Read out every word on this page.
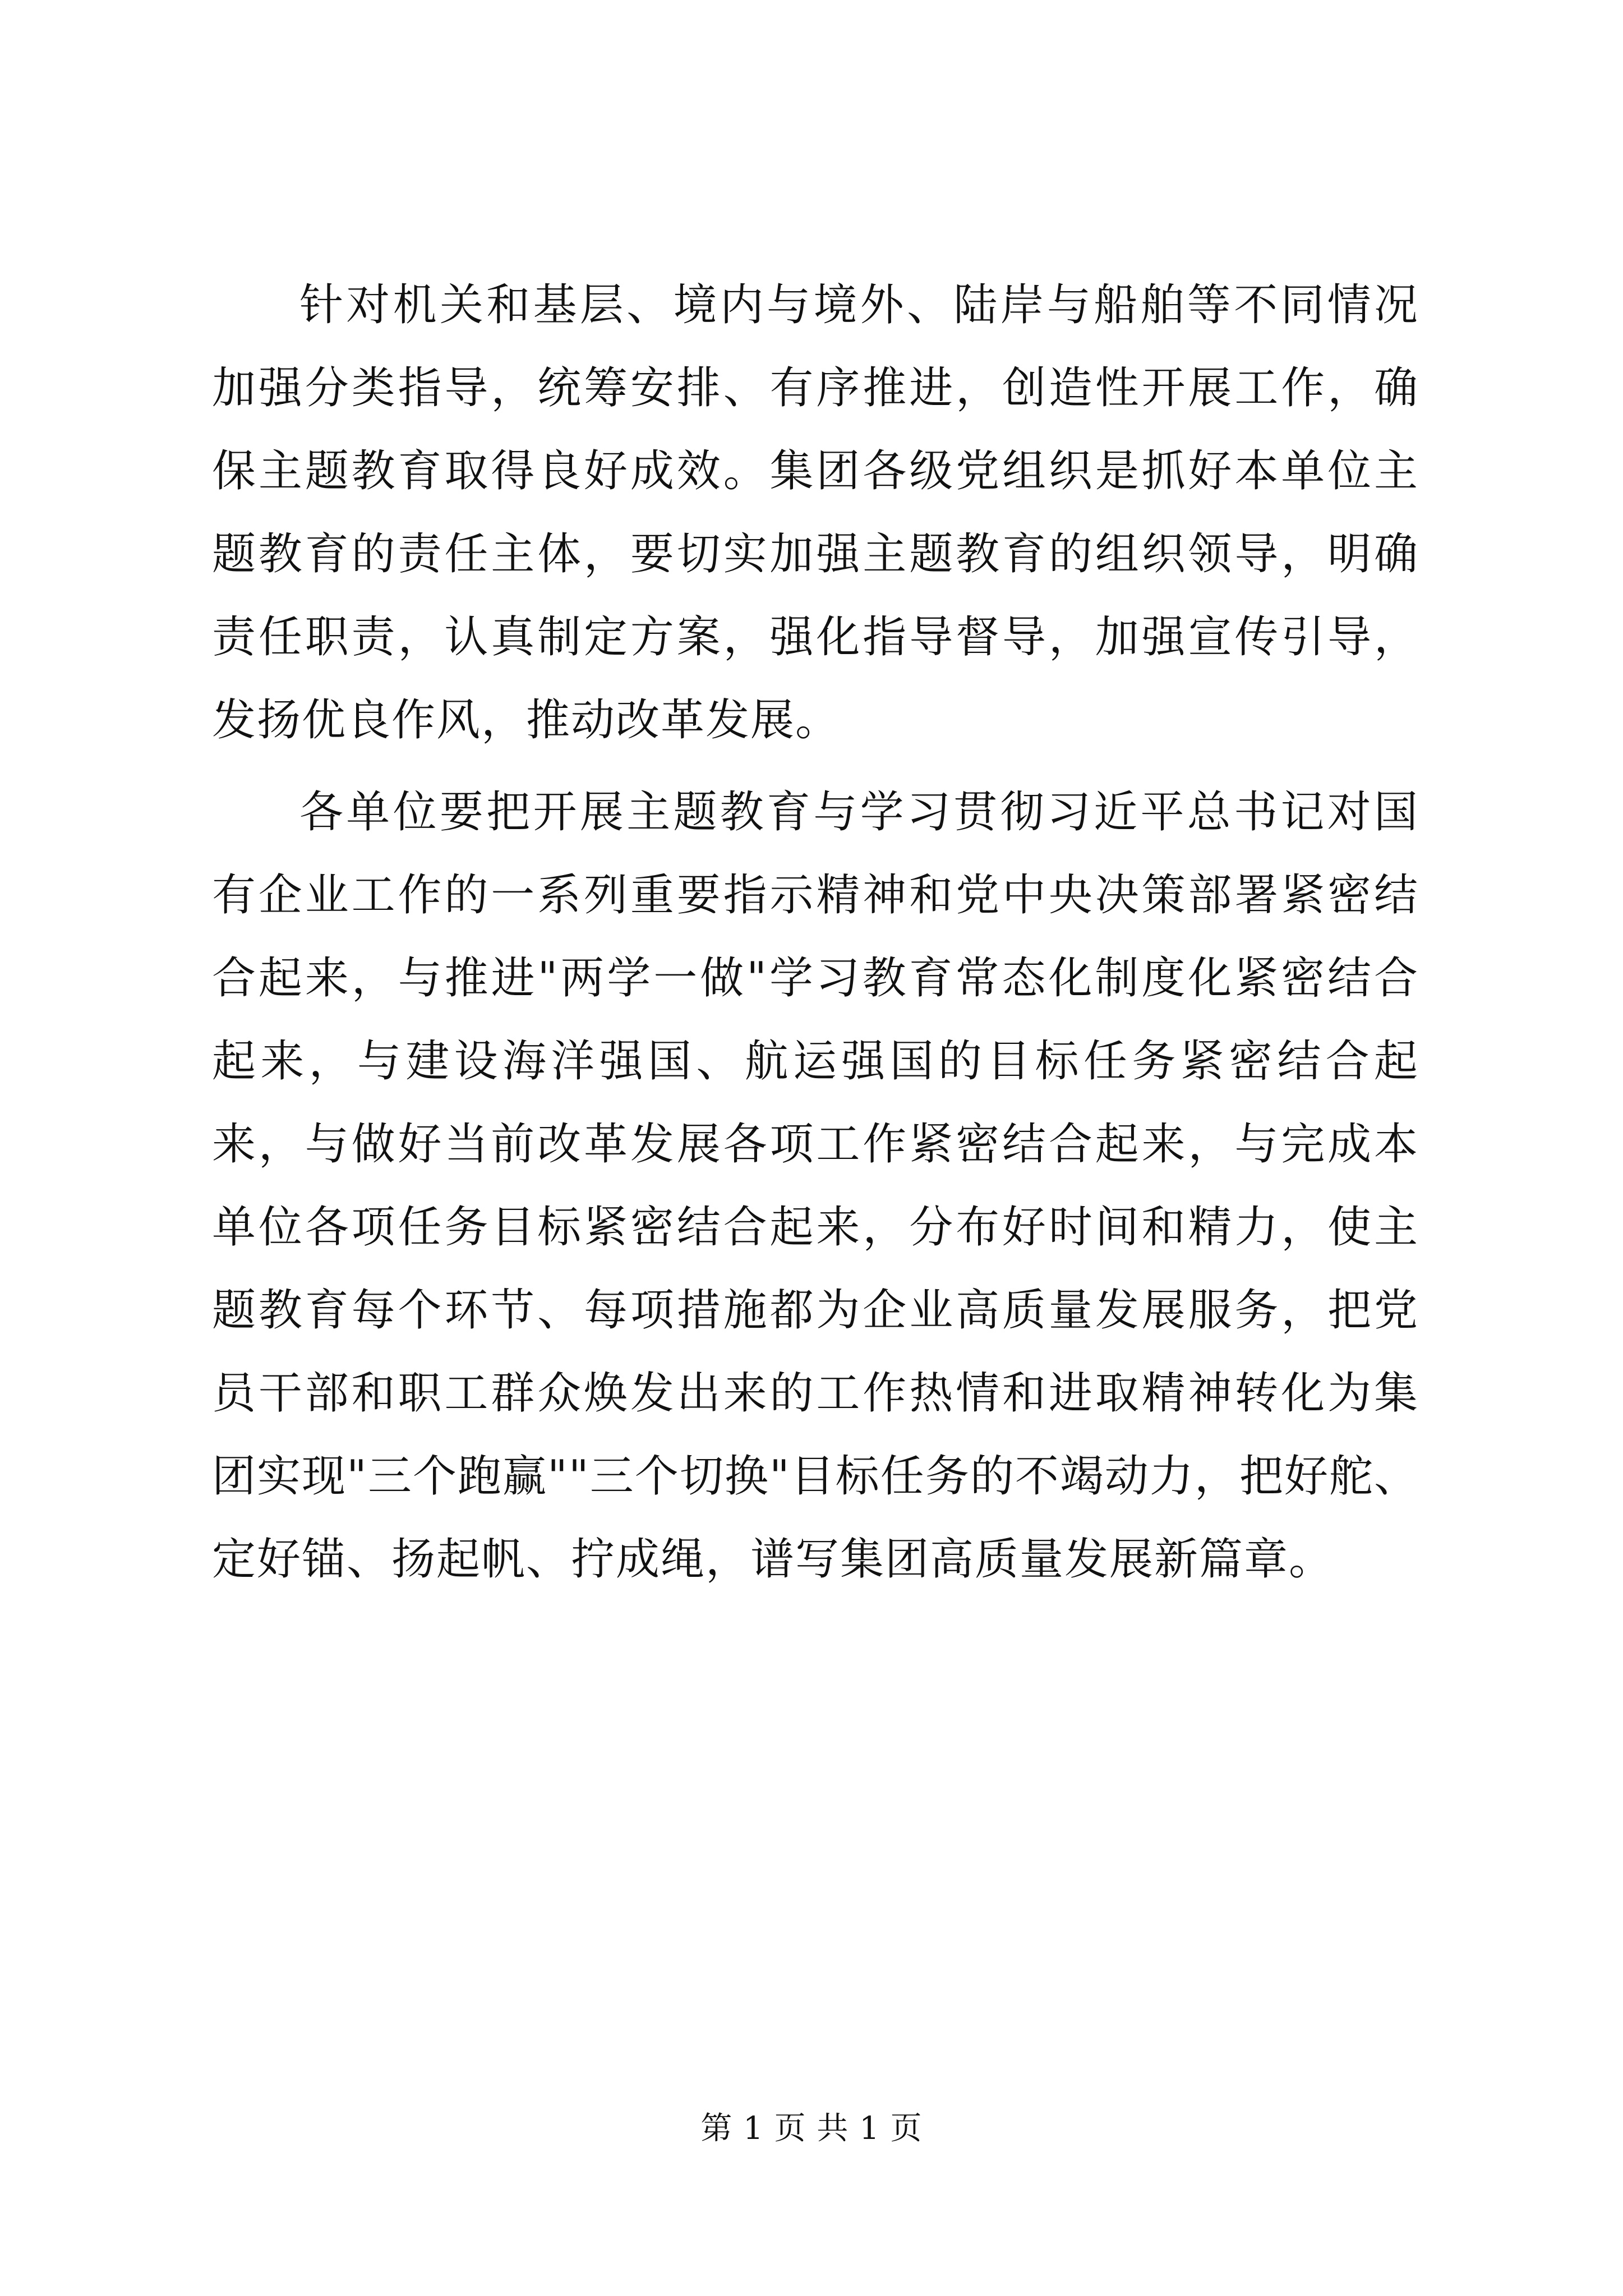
针对机关和基层、境内与境外、陆岸与船舶等不同情况加强分类指导，统筹安排、有序推进，创造性开展工作，确保主题教育取得良好成效。集团各级党组织是抓好本单位主题教育的责任主体，要切实加强主题教育的组织领导，明确责任职责，认真制定方案，强化指导督导，加强宣传引导，发扬优良作风，推动改革发展。

各单位要把开展主题教育与学习贯彻习近平总书记对国有企业工作的一系列重要指示精神和党中央决策部署紧密结合起来，与推进"两学一做"学习教育常态化制度化紧密结合起来，与建设海洋强国、航运强国的目标任务紧密结合起来，与做好当前改革发展各项工作紧密结合起来，与完成本单位各项任务目标紧密结合起来，分布好时间和精力，使主题教育每个环节、每项措施都为企业高质量发展服务，把党员干部和职工群众焕发出来的工作热情和进取精神转化为集团实现"三个跑赢""三个切换"目标任务的不竭动力，把好舵、定好锚、扬起帆、拧成绳，谱写集团高质量发展新篇章。

第 1 页 共 1 页
